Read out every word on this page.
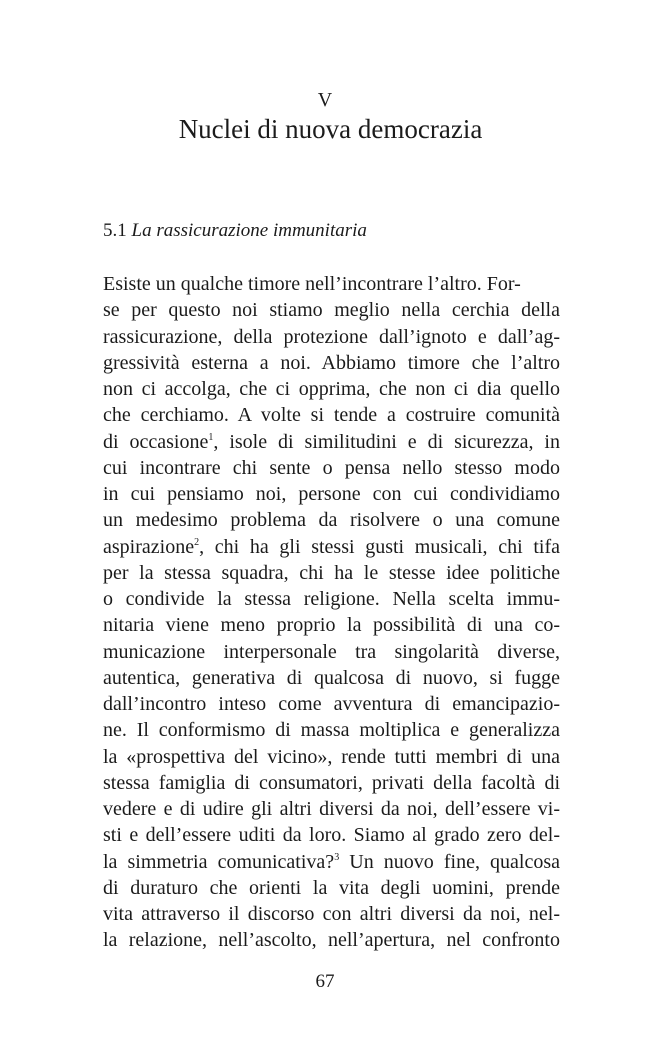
V
Nuclei di nuova democrazia
5.1 La rassicurazione immunitaria
Esiste un qualche timore nell’incontrare l’altro. For-
se per questo noi stiamo meglio nella cerchia della
rassicurazione, della protezione dall’ignoto e dall’ag-
gressività esterna a noi. Abbiamo timore che l’altro
non ci accolga, che ci opprima, che non ci dia quello
che cerchiamo. A volte si tende a costruire comunità
di occasione$^1$, isole di similitudini e di sicurezza, in
cui incontrare chi sente o pensa nello stesso modo
in cui pensiamo noi, persone con cui condividiamo
un medesimo problema da risolvere o una comune
aspirazione$^2$, chi ha gli stessi gusti musicali, chi tifa
per la stessa squadra, chi ha le stesse idee politiche
o condivide la stessa religione. Nella scelta immu-
nitaria viene meno proprio la possibilità di una co-
municazione interpersonale tra singolarità diverse,
autentica, generativa di qualcosa di nuovo, si fugge
dall’incontro inteso come avventura di emancipazio-
ne. Il conformismo di massa moltiplica e generalizza
la «prospettiva del vicino», rende tutti membri di una
stessa famiglia di consumatori, privati della facoltà di
vedere e di udire gli altri diversi da noi, dell’essere vi-
sti e dell’essere uditi da loro. Siamo al grado zero del-
la simmetria comunicativa?$^3$ Un nuovo fine, qualcosa
di duraturo che orienti la vita degli uomini, prende
vita attraverso il discorso con altri diversi da noi, nel-
la relazione, nell’ascolto, nell’apertura, nel confronto
67
